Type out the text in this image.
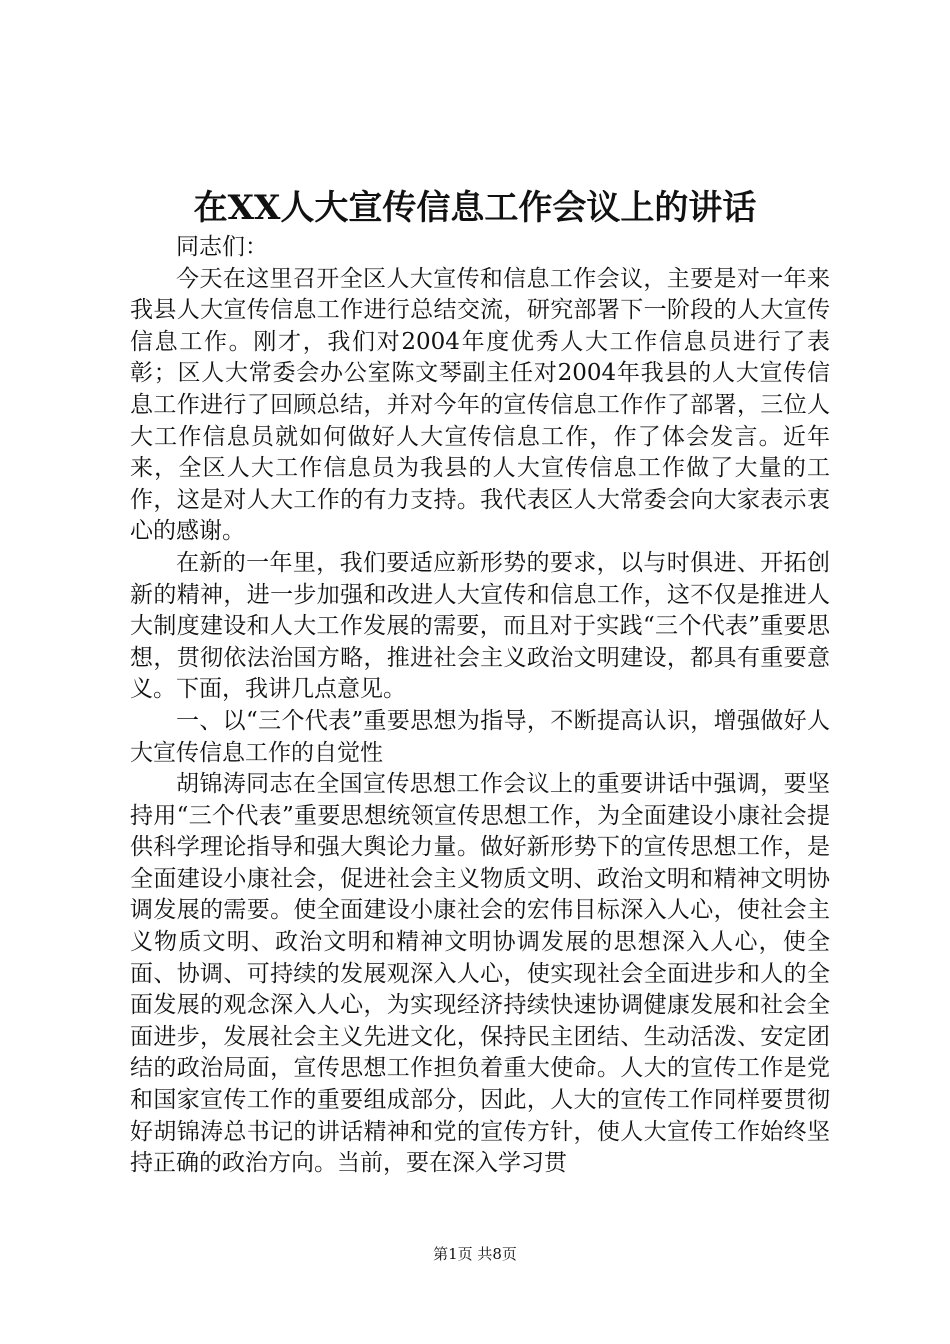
在XX人大宣传信息工作会议上的讲话

同志们：

今天在这里召开全区人大宣传和信息工作会议，主要是对一年来我县人大宣传信息工作进行总结交流，研究部署下一阶段的人大宣传信息工作。刚才，我们对2004年度优秀人大工作信息员进行了表彰；区人大常委会办公室陈文琴副主任对2004年我县的人大宣传信息工作进行了回顾总结，并对今年的宣传信息工作作了部署，三位人大工作信息员就如何做好人大宣传信息工作，作了体会发言。近年来，全区人大工作信息员为我县的人大宣传信息工作做了大量的工作，这是对人大工作的有力支持。我代表区人大常委会向大家表示衷心的感谢。

在新的一年里，我们要适应新形势的要求，以与时俱进、开拓创新的精神，进一步加强和改进人大宣传和信息工作，这不仅是推进人大制度建设和人大工作发展的需要，而且对于实践“三个代表”重要思想，贯彻依法治国方略，推进社会主义政治文明建设，都具有重要意义。下面，我讲几点意见。

一、以“三个代表”重要思想为指导，不断提高认识，增强做好人大宣传信息工作的自觉性

胡锦涛同志在全国宣传思想工作会议上的重要讲话中强调，要坚持用“三个代表”重要思想统领宣传思想工作，为全面建设小康社会提供科学理论指导和强大舆论力量。做好新形势下的宣传思想工作，是全面建设小康社会，促进社会主义物质文明、政治文明和精神文明协调发展的需要。使全面建设小康社会的宏伟目标深入人心，使社会主义物质文明、政治文明和精神文明协调发展的思想深入人心，使全面、协调、可持续的发展观深入人心，使实现社会全面进步和人的全面发展的观念深入人心，为实现经济持续快速协调健康发展和社会全面进步，发展社会主义先进文化，保持民主团结、生动活泼、安定团结的政治局面，宣传思想工作担负着重大使命。人大的宣传工作是党和国家宣传工作的重要组成部分，因此，人大的宣传工作同样要贯彻好胡锦涛总书记的讲话精神和党的宣传方针，使人大宣传工作始终坚持正确的政治方向。当前，要在深入学习贯

第1页 共8页
